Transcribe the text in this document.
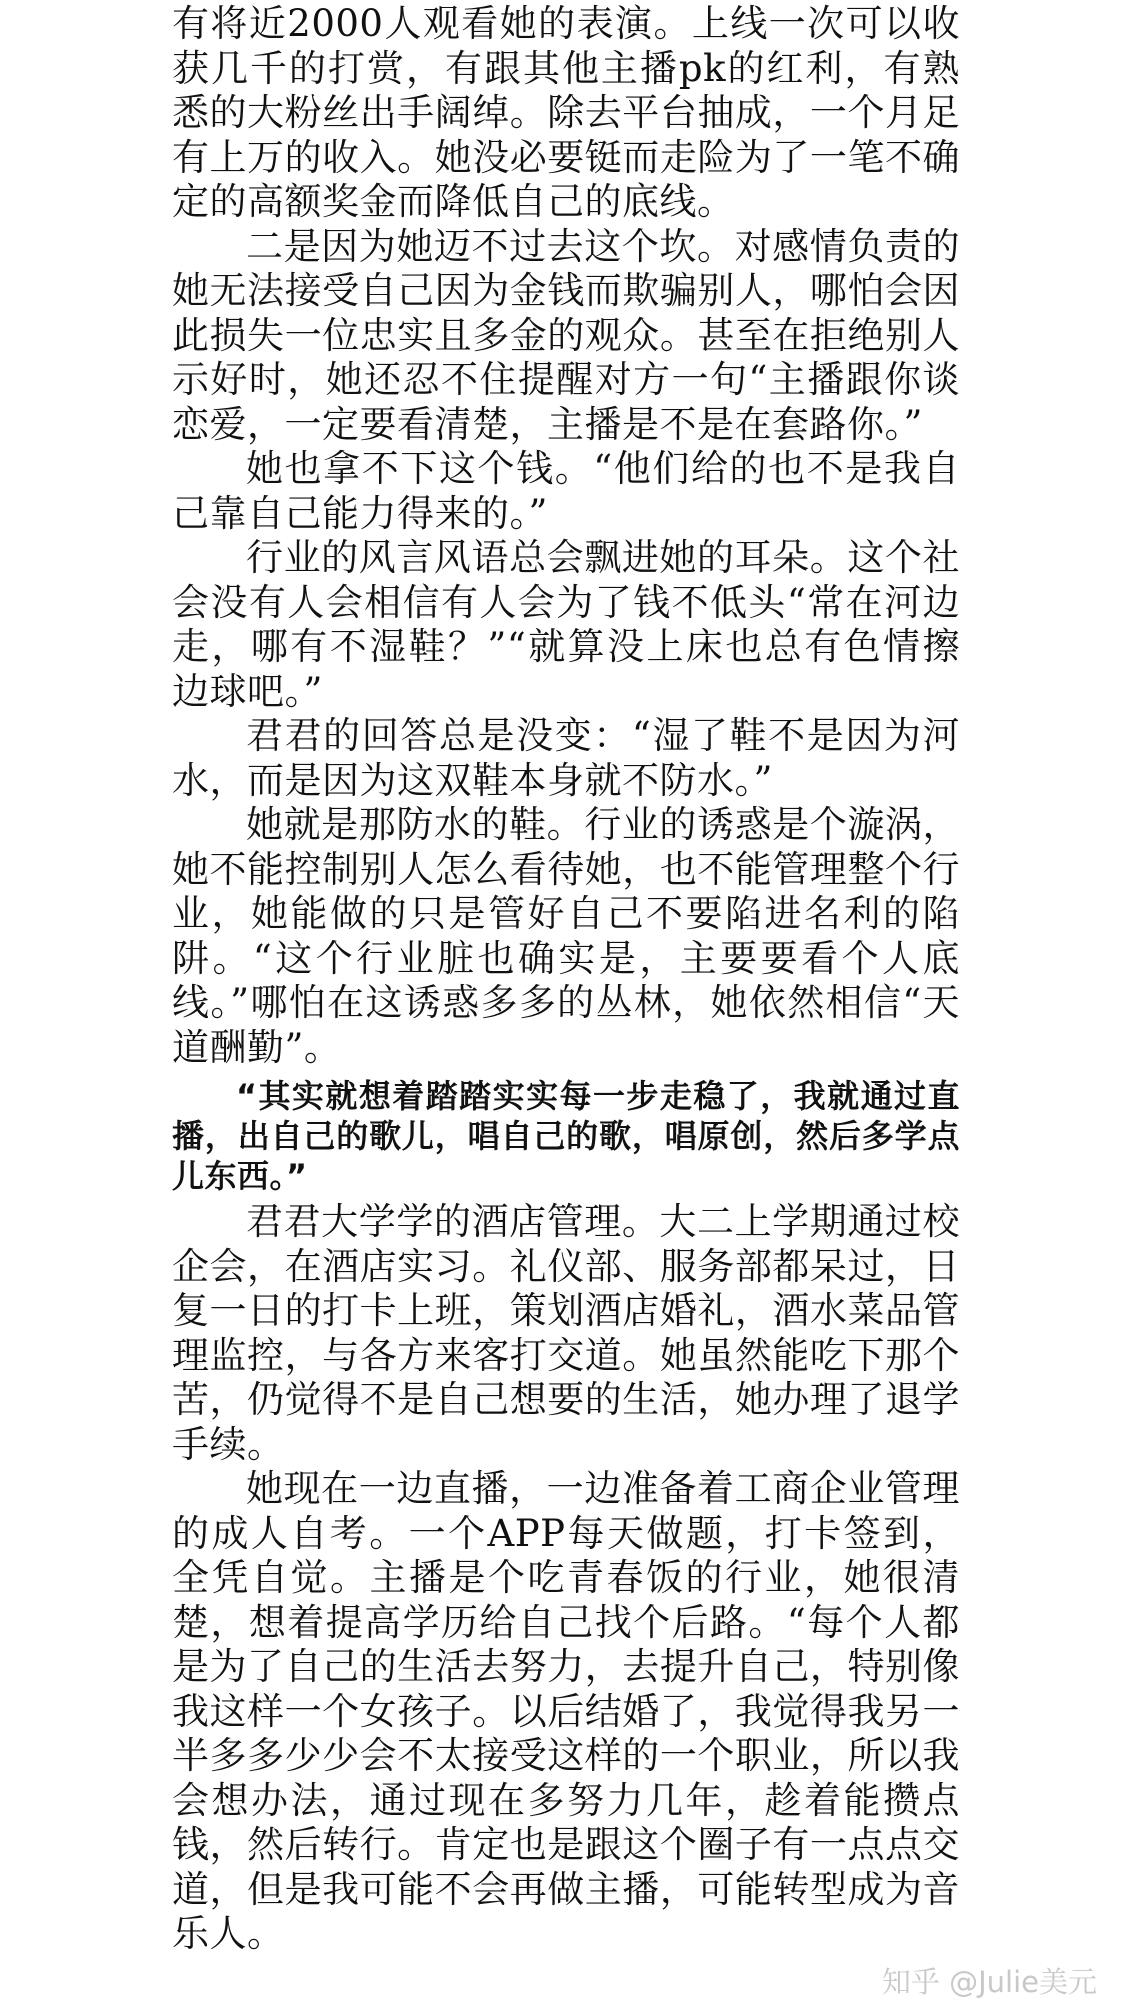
有将近2000人观看她的表演。上线一次可以收获几千的打赏，有跟其他主播pk的红利，有熟悉的大粉丝出手阔绰。除去平台抽成，一个月足有上万的收入。她没必要铤而走险为了一笔不确定的高额奖金而降低自己的底线。

二是因为她迈不过去这个坎。对感情负责的她无法接受自己因为金钱而欺骗别人，哪怕会因此损失一位忠实且多金的观众。甚至在拒绝别人示好时，她还忍不住提醒对方一句“主播跟你谈恋爱，一定要看清楚，主播是不是在套路你。”

她也拿不下这个钱。“他们给的也不是我自己靠自己能力得来的。”

行业的风言风语总会飘进她的耳朵。这个社会没有人会相信有人会为了钱不低头“常在河边走，哪有不湿鞋？”“就算没上床也总有色情擦边球吧。”

君君的回答总是没变：“湿了鞋不是因为河水，而是因为这双鞋本身就不防水。”

她就是那防水的鞋。行业的诱惑是个漩涡，她不能控制别人怎么看待她，也不能管理整个行业，她能做的只是管好自己不要陷进名利的陷阱。“这个行业脏也确实是，主要要看个人底线。”哪怕在这诱惑多多的丛林，她依然相信“天道酬勤”。

“其实就想着踏踏实实每一步走稳了，我就通过直播，出自己的歌儿，唱自己的歌，唱原创，然后多学点儿东西。”

君君大学学的酒店管理。大二上学期通过校企会，在酒店实习。礼仪部、服务部都呆过，日复一日的打卡上班，策划酒店婚礼，酒水菜品管理监控，与各方来客打交道。她虽然能吃下那个苦，仍觉得不是自己想要的生活，她办理了退学手续。

她现在一边直播，一边准备着工商企业管理的成人自考。一个APP每天做题，打卡签到，全凭自觉。主播是个吃青春饭的行业，她很清楚，想着提高学历给自己找个后路。“每个人都是为了自己的生活去努力，去提升自己，特别像我这样一个女孩子。以后结婚了，我觉得我另一半多多少少会不太接受这样的一个职业，所以我会想办法，通过现在多努力几年，趁着能攒点钱，然后转行。肯定也是跟这个圈子有一点点交道，但是我可能不会再做主播，可能转型成为音乐人。

知乎 @Julie美元
